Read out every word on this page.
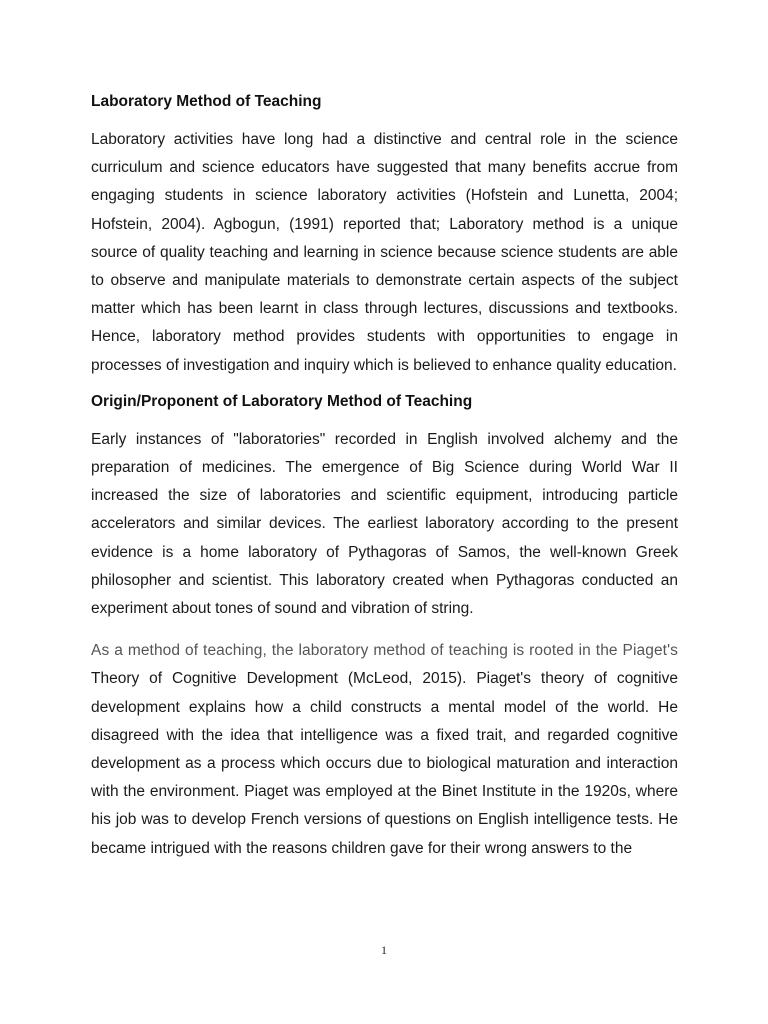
Laboratory Method of Teaching

Laboratory activities have long had a distinctive and central role in the science curriculum and science educators have suggested that many benefits accrue from engaging students in science laboratory activities (Hofstein and Lunetta, 2004; Hofstein, 2004). Agbogun, (1991) reported that; Laboratory method is a unique source of quality teaching and learning in science because science students are able to observe and manipulate materials to demonstrate certain aspects of the subject matter which has been learnt in class through lectures, discussions and textbooks. Hence, laboratory method provides students with opportunities to engage in processes of investigation and inquiry which is believed to enhance quality education.

Origin/Proponent of Laboratory Method of Teaching

Early instances of "laboratories" recorded in English involved alchemy and the preparation of medicines. The emergence of Big Science during World War II increased the size of laboratories and scientific equipment, introducing particle accelerators and similar devices. The earliest laboratory according to the present evidence is a home laboratory of Pythagoras of Samos, the well-known Greek philosopher and scientist. This laboratory created when Pythagoras conducted an experiment about tones of sound and vibration of string.

As a method of teaching, the laboratory method of teaching is rooted in the Piaget's Theory of Cognitive Development (McLeod, 2015). Piaget's theory of cognitive development explains how a child constructs a mental model of the world. He disagreed with the idea that intelligence was a fixed trait, and regarded cognitive development as a process which occurs due to biological maturation and interaction with the environment. Piaget was employed at the Binet Institute in the 1920s, where his job was to develop French versions of questions on English intelligence tests. He became intrigued with the reasons children gave for their wrong answers to the

1
